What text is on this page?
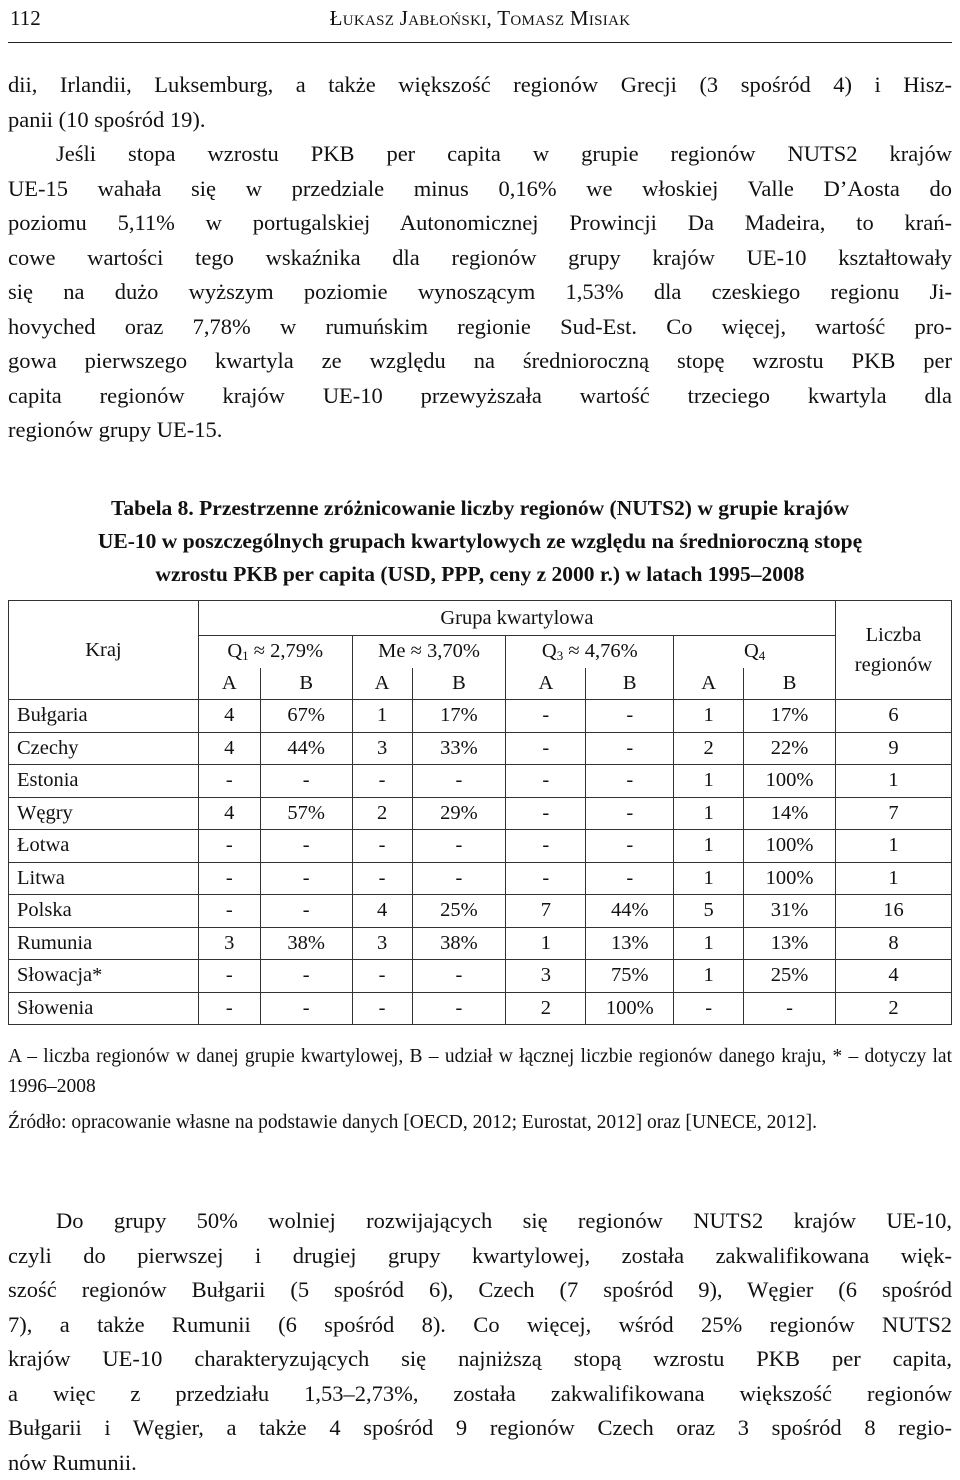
112	Łukasz Jabłoński, Tomasz Misiak
dii, Irlandii, Luksemburg, a także większość regionów Grecji (3 spośród 4) i Hisz-
panii (10 spośród 19).
Jeśli stopa wzrostu PKB per capita w grupie regionów NUTS2 krajów
UE-15 wahała się w przedziale minus 0,16% we włoskiej Valle D’Aosta do
poziomu 5,11% w portugalskiej Autonomicznej Prowincji Da Madeira, to krań-
cowe wartości tego wskaźnika dla regionów grupy krajów UE-10 kształtowały
się na dużo wyższym poziomie wynoszącym 1,53% dla czeskiego regionu Ji-
hovyched oraz 7,78% w rumuńskim regionie Sud-Est. Co więcej, wartość pro-
gowa pierwszego kwartyla ze względu na średnioroczną stopę wzrostu PKB per
capita regionów krajów UE-10 przewyższała wartość trzeciego kwartyla dla
regionów grupy UE-15.
Tabela 8. Przestrzenne zróżnicowanie liczby regionów (NUTS2) w grupie krajów
UE-10 w poszczególnych grupach kwartylowych ze względu na średnioroczną stopę
wzrostu PKB per capita (USD, PPP, ceny z 2000 r.) w latach 1995–2008
Kraj	Grupa kwartylowa								Liczba regionów
	$Q_1 \approx 2,79\%$		Me ≈ 3,70%		$Q_3 \approx 4,76\%$		$Q_4$
	A	B	A	B	A	B	A	B	
Bułgaria	4	67%	1	17%	-	-	1	17%	6
Czechy	4	44%	3	33%	-	-	2	22%	9
Estonia	-	-	-	-	-	-	1	100%	1
Węgry	4	57%	2	29%	-	-	1	14%	7
Łotwa	-	-	-	-	-	-	1	100%	1
Litwa	-	-	-	-	-	-	1	100%	1
Polska	-	-	4	25%	7	44%	5	31%	16
Rumunia	3	38%	3	38%	1	13%	1	13%	8
Słowacja*	-	-	-	-	3	75%	1	25%	4
Słowenia	-	-	-	-	2	100%	-	-	2

A – liczba regionów w danej grupie kwartylowej, B – udział w łącznej liczbie regionów danego kraju, * – dotyczy lat 1996–2008

Źródło: opracowanie własne na podstawie danych [OECD, 2012; Eurostat, 2012] oraz [UNECE, 2012].

Do grupy 50% wolniej rozwijających się regionów NUTS2 krajów UE-10,
czyli do pierwszej i drugiej grupy kwartylowej, została zakwalifikowana więk-
szość regionów Bułgarii (5 spośród 6), Czech (7 spośród 9), Węgier (6 spośród
7), a także Rumunii (6 spośród 8). Co więcej, wśród 25% regionów NUTS2
krajów UE-10 charakteryzujących się najniższą stopą wzrostu PKB per capita,
a więc z przedziału 1,53–2,73%, została zakwalifikowana większość regionów
Bułgarii i Węgier, a także 4 spośród 9 regionów Czech oraz 3 spośród 8 regio-
nów Rumunii.
